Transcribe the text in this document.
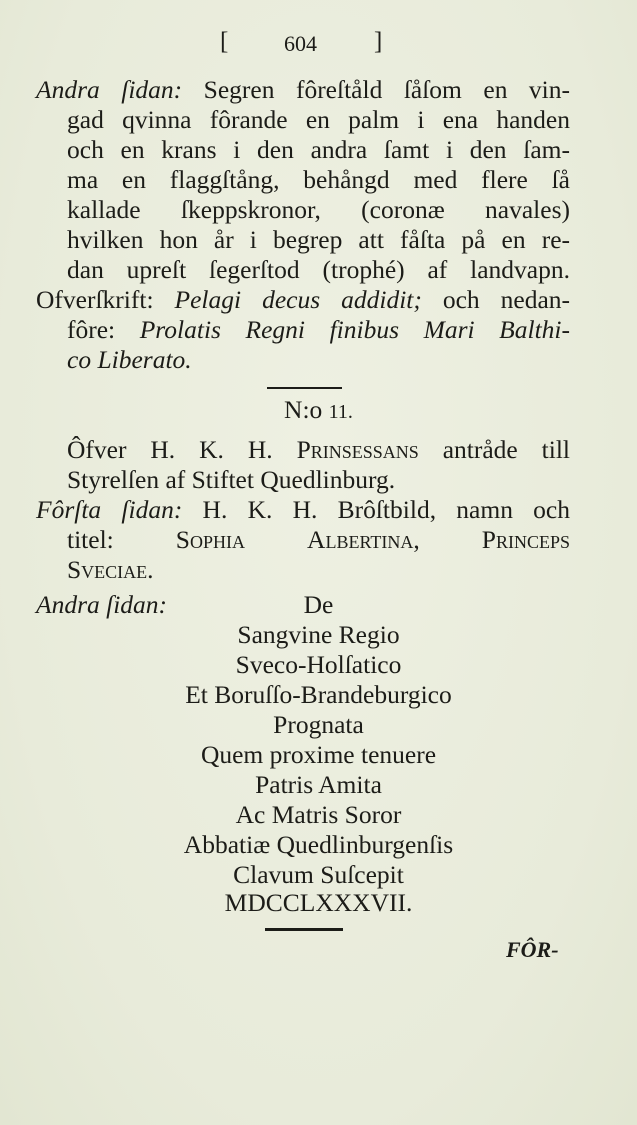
[	604 ]
Andra ſidan: Segren fôreſtåld ſåſom en vin-
gad qvinna fôrande en palm i ena handen
och en krans i den andra ſamt i den ſam-
ma en flaggſtång, behångd med flere ſå
kallade ſkeppskronor, (coronæ navales)
hvilken hon år i begrep att fåſta på en re-
dan upreſt ſegerſtod (trophé) af landvapn.
Ofverſkrift: Pelagi decus addidit; och nedan-
fôre: Prolatis Regni finibus Mari Balthi-
co Liberato.
N:o 11.
Ôfver H. K. H. Prinsessans antråde till
Styrelſen af Stiftet Quedlinburg.
Fôrſta ſidan: H. K. H. Brôſtbild, namn och
titel: Sophia Albertina, Princeps
Sveciae.
Andra ſidan:	De
Sangvine Regio
Sveco-Holſatico
Et Boruſſo-Brandeburgico
Prognata
Quem proxime tenuere
Patris Amita
Ac Matris Soror
Abbatiæ Quedlinburgenſis
Clavum Suſcepit
MDCCLXXXVII.
FÔR-
